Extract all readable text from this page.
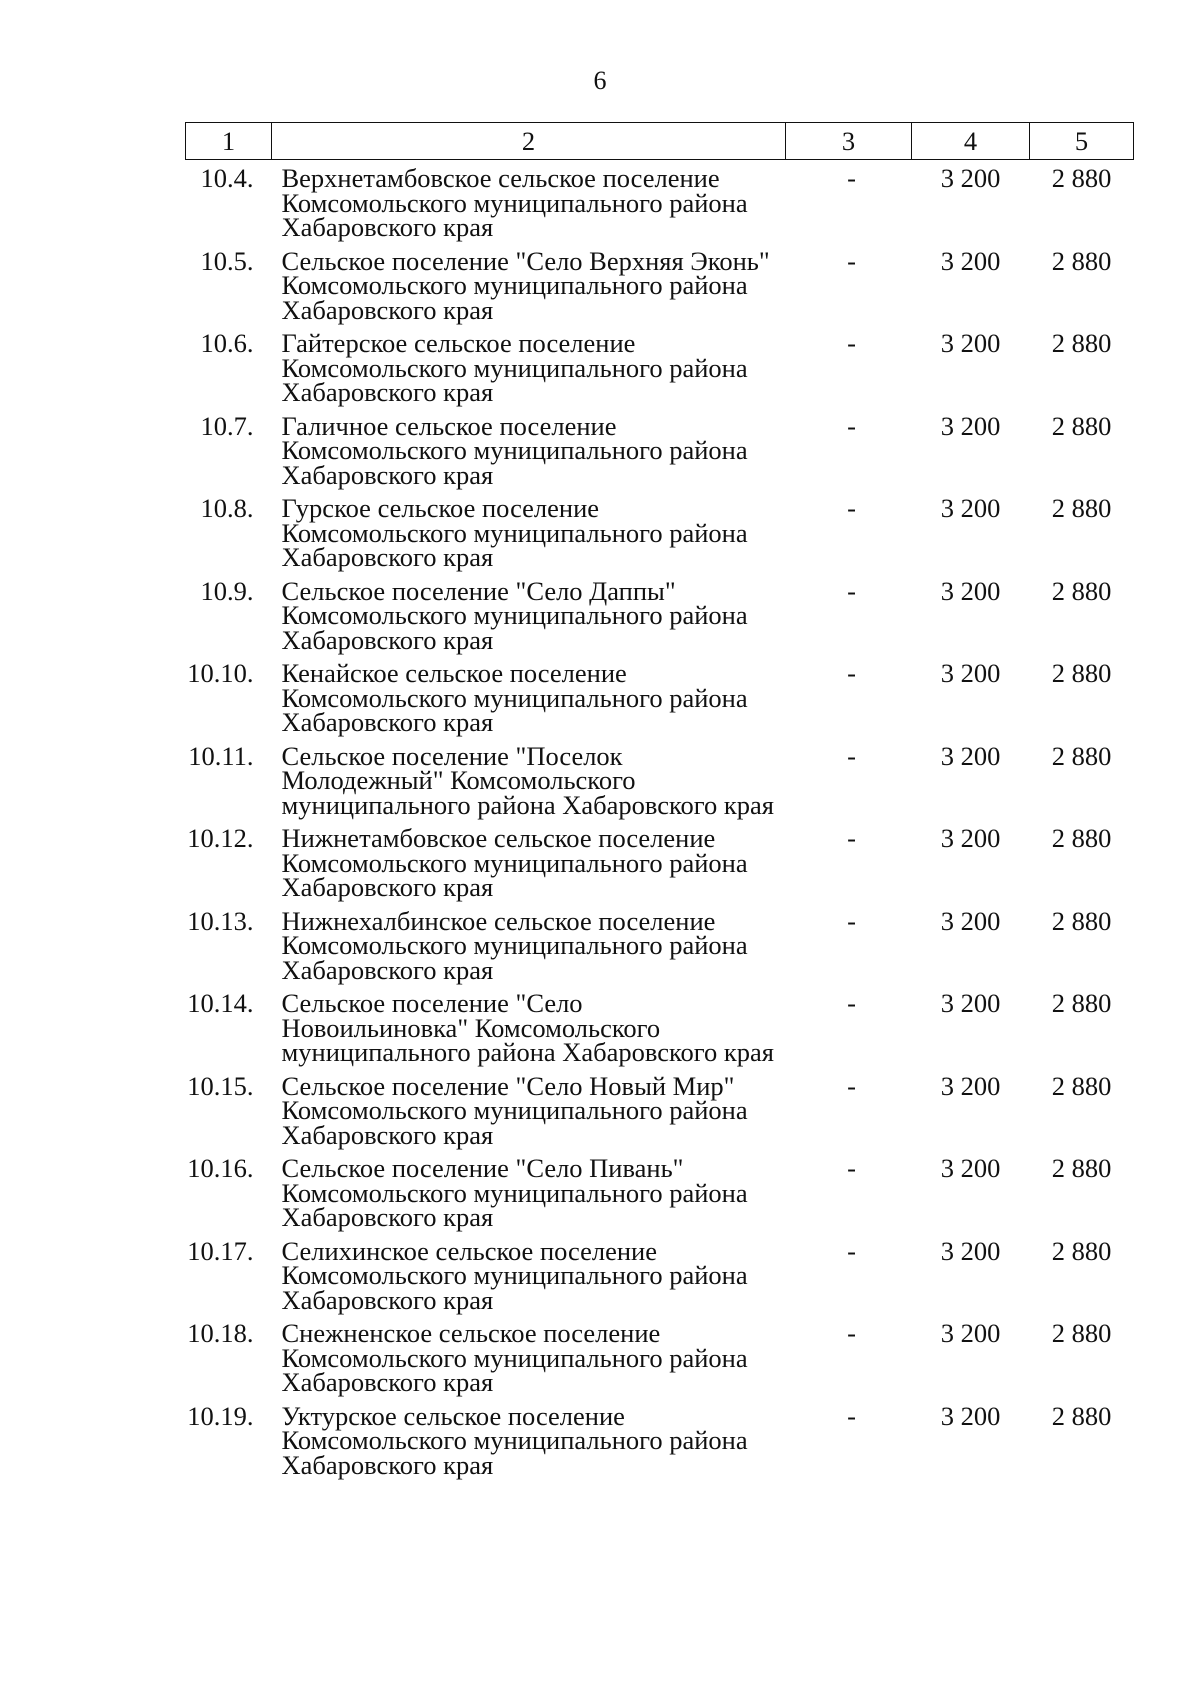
6
1	2	3	4	5
10.4.	Верхнетамбовское сельское поселение Комсомольского муниципального района Хабаровского края	-	3 200	2 880
10.5.	Сельское поселение "Село Верхняя Эконь" Комсомольского муниципального района Хабаровского края	-	3 200	2 880
10.6.	Гайтерское сельское поселение Комсомольского муниципального района Хабаровского края	-	3 200	2 880
10.7.	Галичное сельское поселение Комсомольского муниципального района Хабаровского края	-	3 200	2 880
10.8.	Гурское сельское поселение Комсомольского муниципального района Хабаровского края	-	3 200	2 880
10.9.	Сельское поселение "Село Даппы" Комсомольского муниципального района Хабаровского края	-	3 200	2 880
10.10.	Кенайское сельское поселение Комсомольского муниципального района Хабаровского края	-	3 200	2 880
10.11.	Сельское поселение "Поселок Молодежный" Комсомольского муниципального района Хабаровского края	-	3 200	2 880
10.12.	Нижнетамбовское сельское поселение Комсомольского муниципального района Хабаровского края	-	3 200	2 880
10.13.	Нижнехалбинское сельское поселение Комсомольского муниципального района Хабаровского края	-	3 200	2 880
10.14.	Сельское поселение "Село Новоильиновка" Комсомольского муниципального района Хабаровского края	-	3 200	2 880
10.15.	Сельское поселение "Село Новый Мир" Комсомольского муниципального района Хабаровского края	-	3 200	2 880
10.16.	Сельское поселение "Село Пивань" Комсомольского муниципального района Хабаровского края	-	3 200	2 880
10.17.	Селихинское сельское поселение Комсомольского муниципального района Хабаровского края	-	3 200	2 880
10.18.	Снежненское сельское поселение Комсомольского муниципального района Хабаровского края	-	3 200	2 880
10.19.	Уктурское сельское поселение Комсомольского муниципального района Хабаровского края	-	3 200	2 880
